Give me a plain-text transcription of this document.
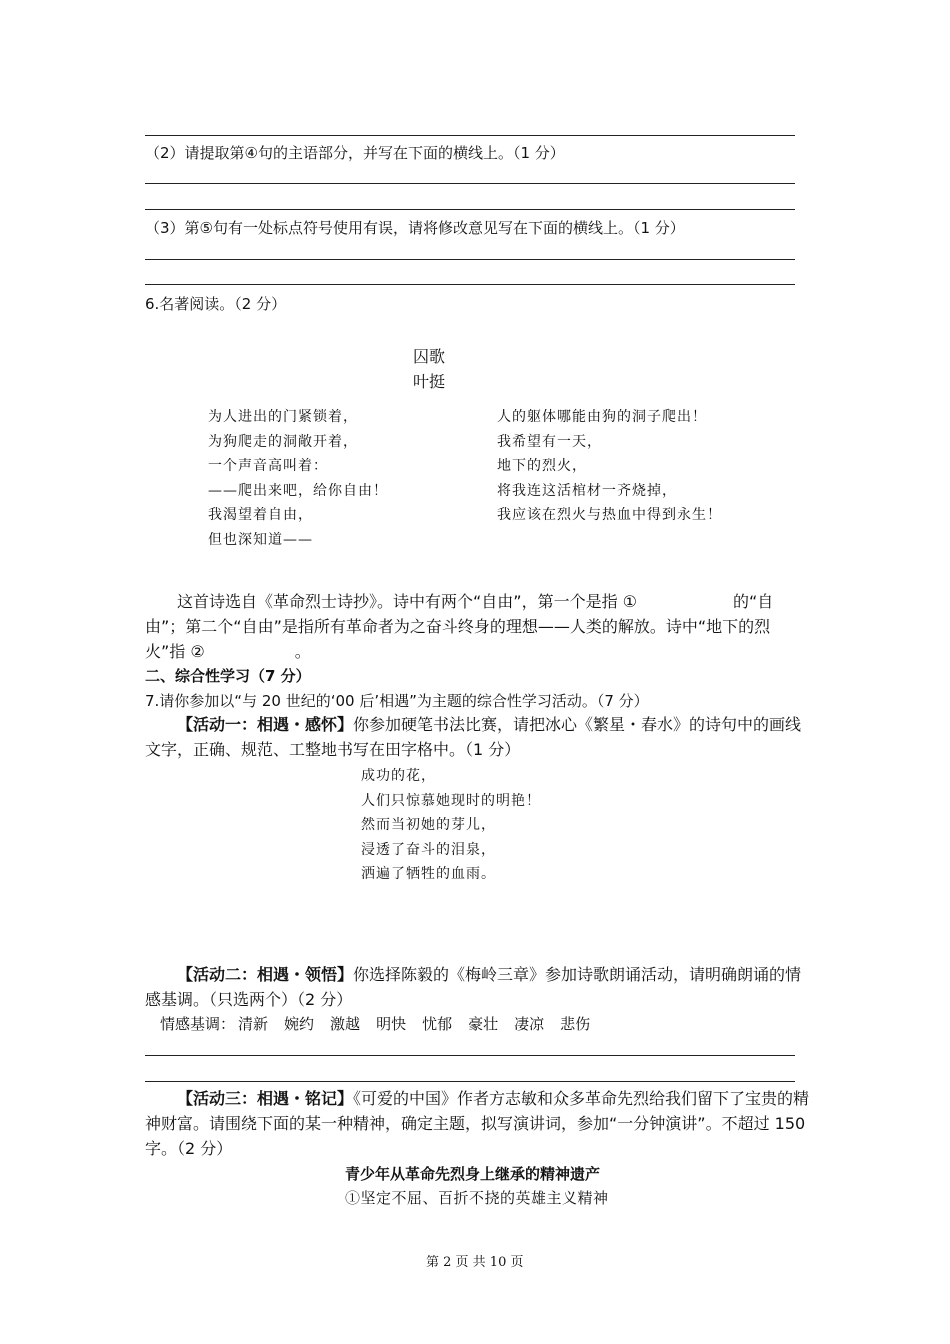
（2）请提取第④句的主语部分，并写在下面的横线上。（1 分）
（3）第⑤句有一处标点符号使用有误，请将修改意见写在下面的横线上。（1 分）
6.名著阅读。（2 分）
囚歌
叶挺
为人进出的门紧锁着，
为狗爬走的洞敞开着，
一个声音高叫着：
——爬出来吧，给你自由！
我渴望着自由，
但也深知道——
人的躯体哪能由狗的洞子爬出！
我希望有一天，
地下的烈火，
将我连这活棺材一齐烧掉，
我应该在烈火与热血中得到永生！
这首诗选自《革命烈士诗抄》。诗中有两个“自由”，第一个是指 ①	的“自由”；第二个“自由”是指所有革命者为之奋斗终身的理想——人类的解放。诗中“地下的烈火”指 ②	。
二、综合性学习（7 分）
7.请你参加以“与 20 世纪的‘00 后’相遇”为主题的综合性学习活动。（7 分）
【活动一：相遇・感怀】你参加硬笔书法比赛，请把冰心《繁星・春水》的诗句中的画线文字，正确、规范、工整地书写在田字格中。（1 分）
成功的花，
人们只惊慕她现时的明艳！
然而当初她的芽儿，
浸透了奋斗的泪泉，
洒遍了牺牲的血雨。
【活动二：相遇・领悟】你选择陈毅的《梅岭三章》参加诗歌朗诵活动，请明确朗诵的情感基调。（只选两个）（2 分）
情感基调： 清新 婉约 激越 明快 忧郁 豪壮 凄凉 悲伤
【活动三：相遇・铭记】《可爱的中国》作者方志敏和众多革命先烈给我们留下了宝贵的精神财富。请围绕下面的某一种精神，确定主题，拟写演讲词，参加“一分钟演讲”。不超过 150 字。（2 分）
青少年从革命先烈身上继承的精神遗产
①坚定不屈、百折不挠的英雄主义精神
第 2 页 共 10 页
